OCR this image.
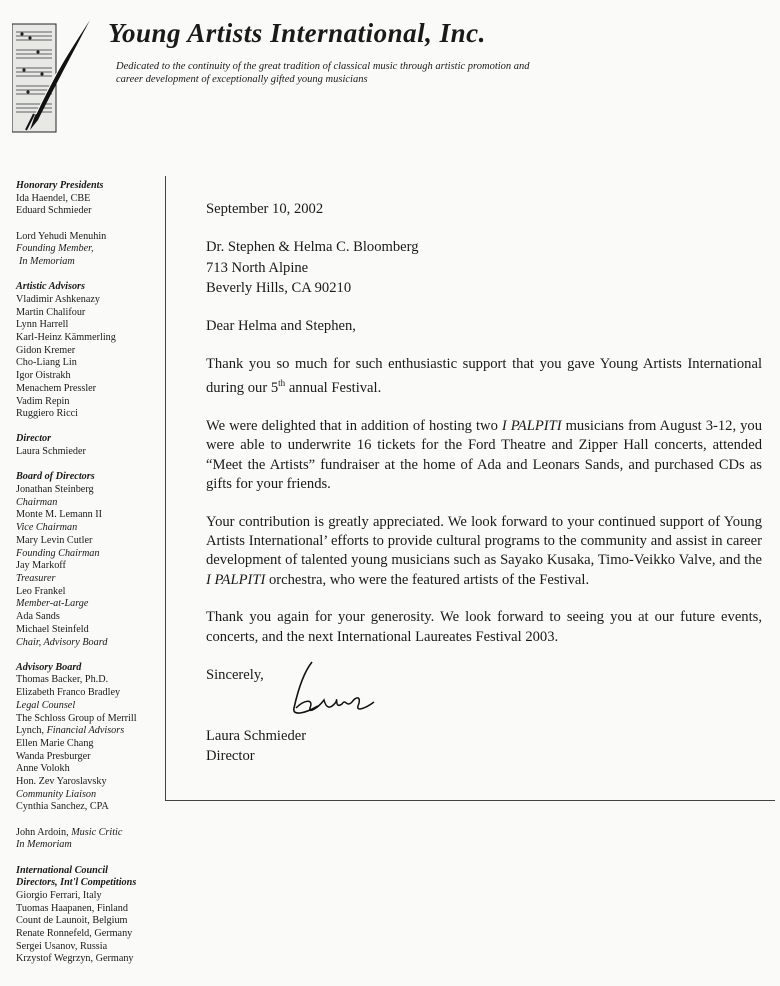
Young Artists International, Inc.
Dedicated to the continuity of the great tradition of classical music through artistic promotion and career development of exceptionally gifted young musicians
Honorary Presidents
Ida Haendel, CBE
Eduard Schmieder
Lord Yehudi Menuhin
Founding Member,
In Memoriam
Artistic Advisors
Vladimir Ashkenazy
Martin Chalifour
Lynn Harrell
Karl-Heinz Kämmerling
Gidon Kremer
Cho-Liang Lin
Igor Oistrakh
Menachem Pressler
Vadim Repin
Ruggiero Ricci
Director
Laura Schmieder
Board of Directors
Jonathan Steinberg
Chairman
Monte M. Lemann II
Vice Chairman
Mary Levin Cutler
Founding Chairman
Jay Markoff
Treasurer
Leo Frankel
Member-at-Large
Ada Sands
Michael Steinfeld
Chair, Advisory Board
Advisory Board
Thomas Backer, Ph.D.
Elizabeth Franco Bradley
Legal Counsel
The Schloss Group of Merrill
Lynch, Financial Advisors
Ellen Marie Chang
Wanda Presburger
Anne Volokh
Hon. Zev Yaroslavsky
Community Liaison
Cynthia Sanchez, CPA
John Ardoin, Music Critic
In Memoriam
International Council
Directors, Int'l Competitions
Giorgio Ferrari, Italy
Tuomas Haapanen, Finland
Count de Launoit, Belgium
Renate Ronnefeld, Germany
Sergei Usanov, Russia
Krzystof Wegrzyn, Germany
September 10, 2002
Dr. Stephen & Helma C. Bloomberg
713 North Alpine
Beverly Hills, CA 90210

Dear Helma and Stephen,

Thank you so much for such enthusiastic support that you gave Young Artists International during our 5th annual Festival.

We were delighted that in addition of hosting two I PALPITI musicians from August 3-12, you were able to underwrite 16 tickets for the Ford Theatre and Zipper Hall concerts, attended “Meet the Artists” fundraiser at the home of Ada and Leonars Sands, and purchased CDs as gifts for your friends.

Your contribution is greatly appreciated. We look forward to your continued support of Young Artists International’ efforts to provide cultural programs to the community and assist in career development of talented young musicians such as Sayako Kusaka, Timo-Veikko Valve, and the I PALPITI orchestra, who were the featured artists of the Festival.

Thank you again for your generosity. We look forward to seeing you at our future events, concerts, and the next International Laureates Festival 2003.

Sincerely,
Laura Schmieder
Director
